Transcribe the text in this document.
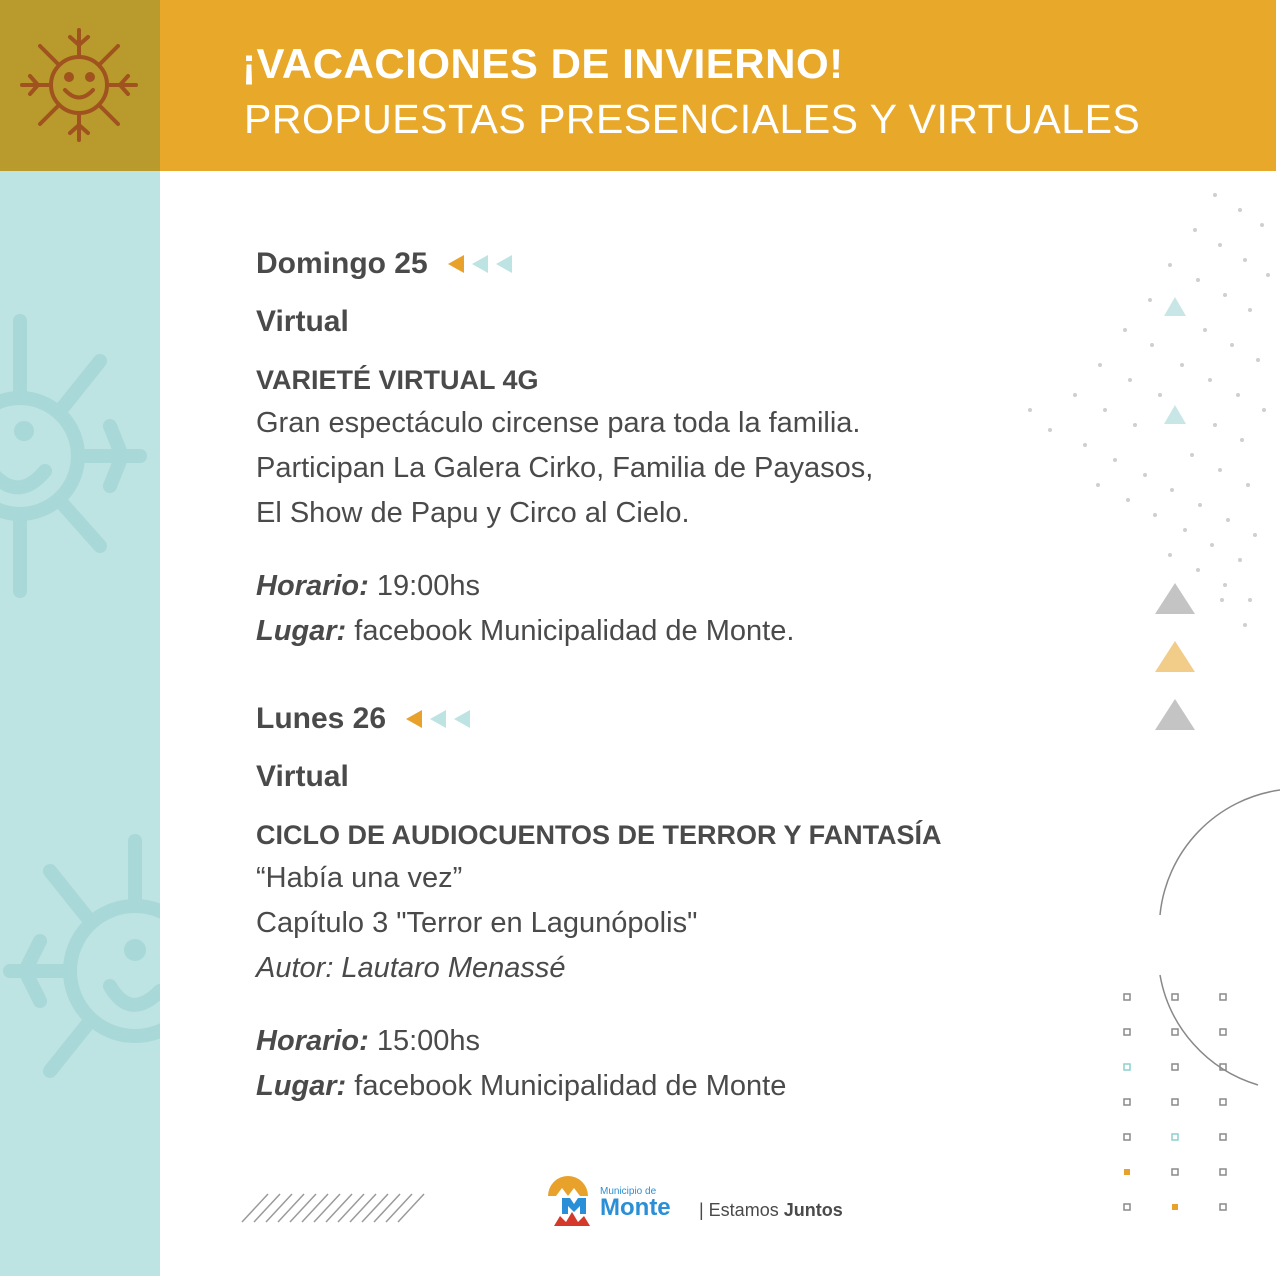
¡VACACIONES DE INVIERNO!
PROPUESTAS PRESENCIALES Y VIRTUALES
Domingo 25
Virtual
VARIETÉ VIRTUAL 4G
Gran espectáculo circense para toda la familia.
Participan La Galera Cirko, Familia de Payasos,
El Show de Papu y Circo al Cielo.
Horario: 19:00hs
Lugar: facebook Municipalidad de Monte.
Lunes 26
Virtual
CICLO DE AUDIOCUENTOS DE TERROR Y FANTASÍA
“Había una vez”
Capítulo 3 "Terror en Lagunópolis"
Autor: Lautaro Menassé
Horario: 15:00hs
Lugar: facebook Municipalidad de Monte
Municipio de
Monte | Estamos Juntos
